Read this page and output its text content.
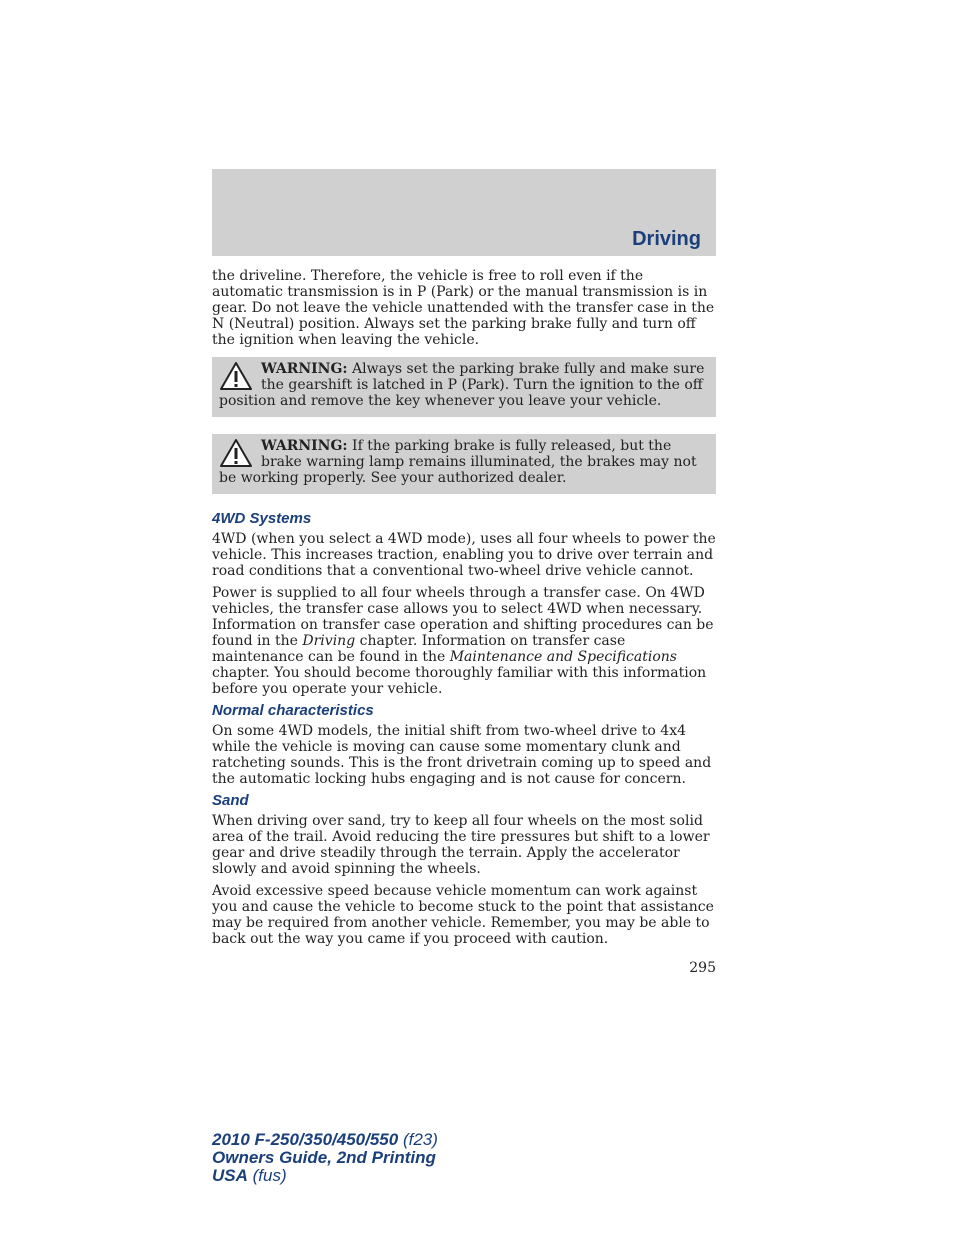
Driving

the driveline. Therefore, the vehicle is free to roll even if the automatic transmission is in P (Park) or the manual transmission is in gear. Do not leave the vehicle unattended with the transfer case in the N (Neutral) position. Always set the parking brake fully and turn off the ignition when leaving the vehicle.

WARNING: Always set the parking brake fully and make sure the gearshift is latched in P (Park). Turn the ignition to the off position and remove the key whenever you leave your vehicle.
WARNING: If the parking brake is fully released, but the brake warning lamp remains illuminated, the brakes may not be working properly. See your authorized dealer.
4WD Systems

4WD (when you select a 4WD mode), uses all four wheels to power the vehicle. This increases traction, enabling you to drive over terrain and road conditions that a conventional two-wheel drive vehicle cannot.

Power is supplied to all four wheels through a transfer case. On 4WD vehicles, the transfer case allows you to select 4WD when necessary. Information on transfer case operation and shifting procedures can be found in the Driving chapter. Information on transfer case maintenance can be found in the Maintenance and Specifications chapter. You should become thoroughly familiar with this information before you operate your vehicle.

Normal characteristics

On some 4WD models, the initial shift from two-wheel drive to 4x4 while the vehicle is moving can cause some momentary clunk and ratcheting sounds. This is the front drivetrain coming up to speed and the automatic locking hubs engaging and is not cause for concern.

Sand

When driving over sand, try to keep all four wheels on the most solid area of the trail. Avoid reducing the tire pressures but shift to a lower gear and drive steadily through the terrain. Apply the accelerator slowly and avoid spinning the wheels.

Avoid excessive speed because vehicle momentum can work against you and cause the vehicle to become stuck to the point that assistance may be required from another vehicle. Remember, you may be able to back out the way you came if you proceed with caution.

295
2010 F-250/350/450/550 (f23)
Owners Guide, 2nd Printing
USA (fus)
